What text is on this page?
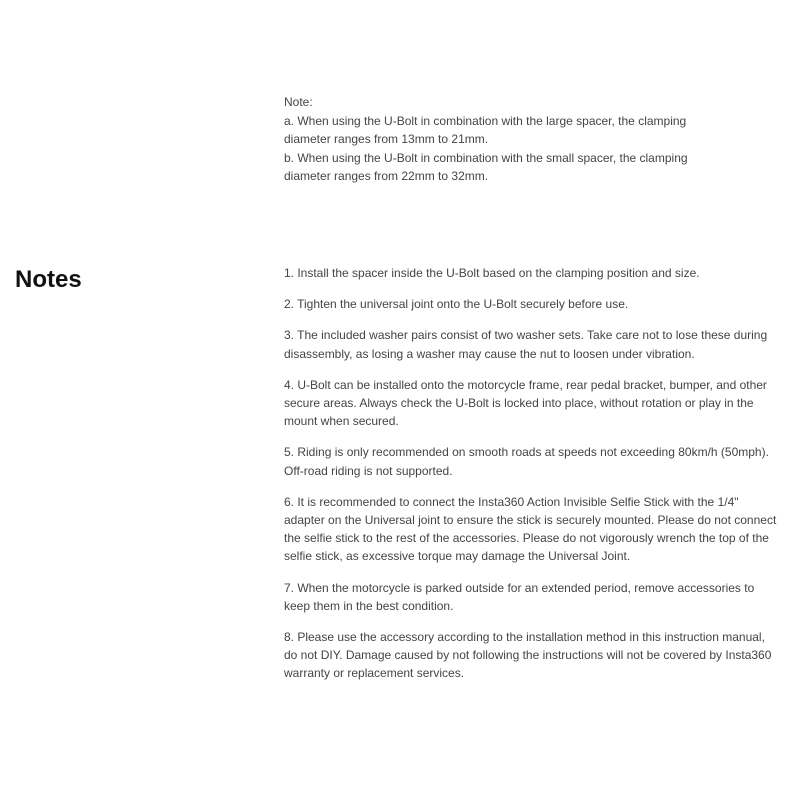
Note:

a. When using the U-Bolt in combination with the large spacer, the clamping diameter ranges from 13mm to 21mm.

b. When using the U-Bolt in combination with the small spacer, the clamping diameter ranges from 22mm to 32mm.

Notes	1. Install the spacer inside the U-Bolt based on the clamping position and size.

2. Tighten the universal joint onto the U-Bolt securely before use.

3. The included washer pairs consist of two washer sets. Take care not to lose these during disassembly, as losing a washer may cause the nut to loosen under vibration.

4. U-Bolt can be installed onto the motorcycle frame, rear pedal bracket, bumper, and other secure areas. Always check the U-Bolt is locked into place, without rotation or play in the mount when secured.

5. Riding is only recommended on smooth roads at speeds not exceeding 80km/h (50mph). Off-road riding is not supported.

6. It is recommended to connect the Insta360 Action Invisible Selfie Stick with the 1/4" adapter on the Universal joint to ensure the stick is securely mounted. Please do not connect the selfie stick to the rest of the accessories. Please do not vigorously wrench the top of the selfie stick, as excessive torque may damage the Universal Joint.

7. When the motorcycle is parked outside for an extended period, remove accessories to keep them in the best condition.

8. Please use the accessory according to the installation method in this instruction manual, do not DIY. Damage caused by not following the instructions will not be covered by Insta360 warranty or replacement services.
